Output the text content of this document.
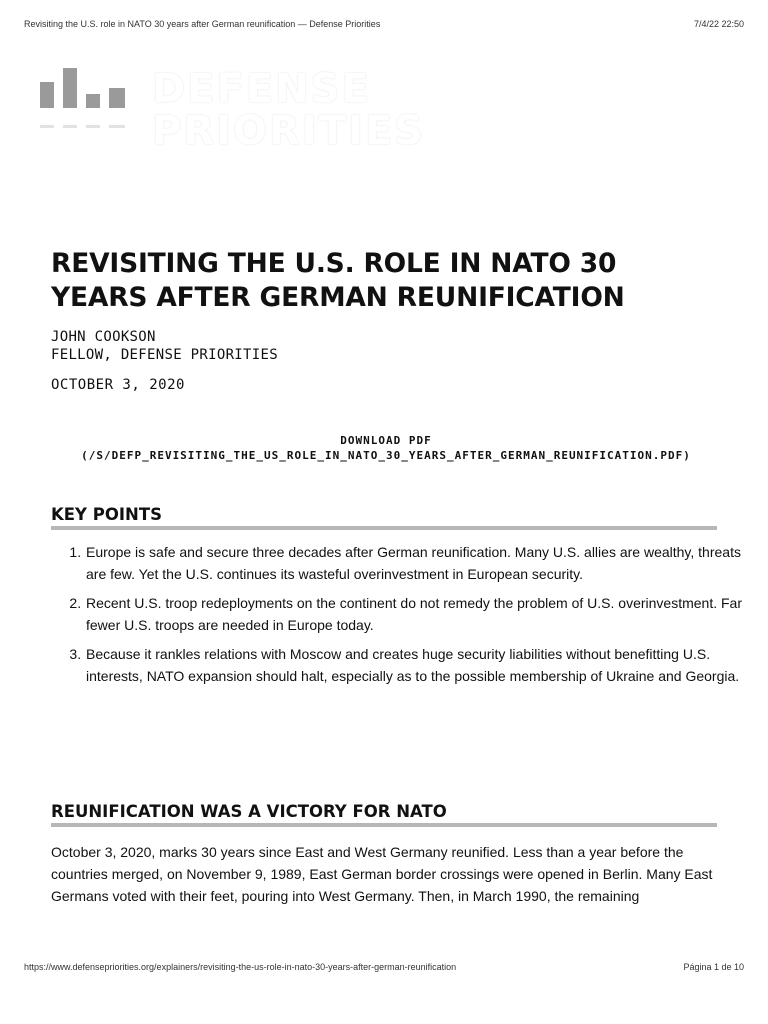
Revisiting the U.S. role in NATO 30 years after German reunification — Defense Priorities	7/4/22 22:50
DEFENSE
PRIORITIES
REVISITING THE U.S. ROLE IN NATO 30 YEARS AFTER GERMAN REUNIFICATION
JOHN COOKSON
FELLOW, DEFENSE PRIORITIES
OCTOBER 3, 2020
DOWNLOAD PDF
(/S/DEFP_REVISITING_THE_US_ROLE_IN_NATO_30_YEARS_AFTER_GERMAN_REUNIFICATION.PDF)
KEY POINTS
1. Europe is safe and secure three decades after German reunification. Many U.S. allies are wealthy, threats are few. Yet the U.S. continues its wasteful overinvestment in European security.
2. Recent U.S. troop redeployments on the continent do not remedy the problem of U.S. overinvestment. Far fewer U.S. troops are needed in Europe today.
3. Because it rankles relations with Moscow and creates huge security liabilities without benefitting U.S. interests, NATO expansion should halt, especially as to the possible membership of Ukraine and Georgia.
REUNIFICATION WAS A VICTORY FOR NATO

October 3, 2020, marks 30 years since East and West Germany reunified. Less than a year before the countries merged, on November 9, 1989, East German border crossings were opened in Berlin. Many East Germans voted with their feet, pouring into West Germany. Then, in March 1990, the remaining

https://www.defensepriorities.org/explainers/revisiting-the-us-role-in-nato-30-years-after-german-reunification	Página 1 de 10
